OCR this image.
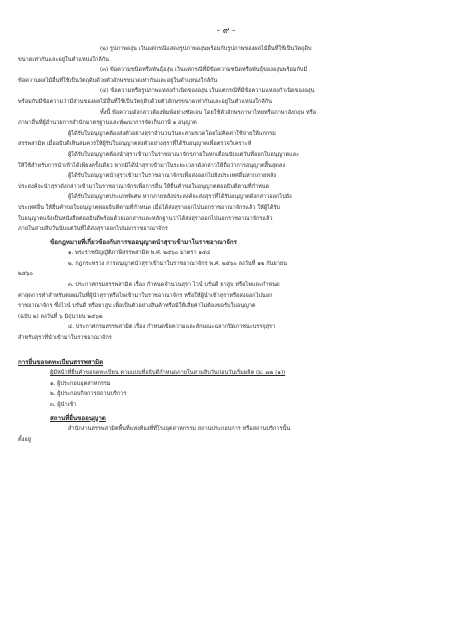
- ๙ -

(๒) รูปภาพองุ่น เว้นแต่กรณีแสดงรูปภาพองุ่นพร้อมกับรูปภาพของผลไม้อื่นที่ใช้เป็นวัตถุดิบ

ขนาดเท่ากันและอยู่ในตำแหน่งใกล้กัน

(๓) ข้อความชนิดหรือพันธุ์องุ่น เว้นแต่กรณีที่มีข้อความชนิดหรือพันธุ์ขององุ่นพร้อมกับมี

ข้อความผลไม้อื่นที่ใช้เป็นวัตถุดิบด้วยตัวอักษรขนาดเท่ากันและอยู่ในตำแหน่งใกล้กัน

(๔) ข้อความหรือรูปภาพแหล่งกำเนิดขององุ่น เว้นแต่กรณีที่มีข้อความแหล่งกำเนิดขององุ่น

พร้อมกับมีข้อความว่ามีส่วนของผลไม้อื่นที่ใช้เป็นวัตถุดิบด้วยตัวอักษรขนาดเท่ากันและอยู่ในตำแหน่งใกล้กัน

ทั้งนี้ ข้อความดังกล่าวต้องพิมพ์อย่างชัดเจน โดยใช้ตัวอักษรภาษาไทยหรือภาษาอังกฤษ หรือ

ภาษาอื่นที่ผู้อำนวยการสำนักมาตรฐานและพัฒนาการจัดเก็บภาษี ๑ อนุญาต

ผู้ได้รับใบอนุญาตต้องส่งตัวอย่างสุราจำนวนวันละสามขวดโดยไม่คิดค่าใช้จ่ายให้แก่กรม

สรรพสามิต เมื่ออธิบดีเห็นสมควรให้ผู้รับใบอนุญาตส่งตัวอย่างสุราที่ได้รับอนุญาตเพื่อตรวจวิเคราะห์

ผู้ได้รับใบอนุญาตต้องนำสุราเข้ามาในราชอาณาจักรภายในหกเดือนนับแต่วันที่ออกใบอนุญาตและ

ให้ใช้สำหรับการนำเข้าได้เพียงครั้งเดียว หากมิได้นำสุราเข้ามาในระยะเวลาดังกล่าวให้ถือว่าการอนุญาตสิ้นสุดลง

ผู้ได้รับใบอนุญาตนำสุราเข้ามาในราชอาณาจักรเพื่อส่งออกไปยังประเทศอื่นหากภายหลัง

ประสงค์จะนำสุราดังกล่าวเข้ามาในราชอาณาจักรเพื่อการอื่น ให้ยื่นคำขอใบอนุญาตต่ออธิบดีตามที่กำหนด

ผู้ได้รับใบอนุญาตประเภทพิเศษ หากภายหลังประสงค์จะส่งสุราที่ได้รับอนุญาตดังกล่าวออกไปยัง

ประเทศอื่น ให้ยื่นคำขอใบอนุญาตต่ออธิบดีตามที่กำหนด เมื่อได้ส่งสุราออกไปนอกราชอาณาจักรแล้ว ให้ผู้ได้รับ

ใบอนุญาตแจ้งเป็นหนังสือต่ออธิบดีพร้อมด้วยเอกสารและหลักฐานว่าได้ส่งสุราออกไปนอกราชอาณาจักรแล้ว

ภายในสามสิบวันนับแต่วันที่ได้ส่งสุราออกไปนอกราชอาณาจักร

ข้อกฎหมายที่เกี่ยวข้องกับการขออนุญาตนำสุราเข้ามาในราชอาณาจักร

๑. พระราชบัญญัติภาษีสรรพสามิต พ.ศ. ๒๕๖๐ มาตรา ๑๕๔

๒. กฎกระทรวง การอนุญาตนำสุราเข้ามาในราชอาณาจักร พ.ศ. ๒๕๖๐ ลงวันที่ ๑๒ กันยายน

๒๕๖๐

๓. ประกาศกรมสรรพสามิต เรื่อง กำหนดจำนวนสุรา ไวน์ บรั่นดี ยาสูบ หรือไพ่และกำหนด

ค่าสุดการทำสำหรับต่อผมในที่ผู้นำสุราหรือไพ่เข้ามาในราชอาณาจักร หรือให้ผู้นำเข้าสุราหรือส่งออกไปนอก

ราชอาณาจักร ซึ่งไวน์ บรั่นดี หรือยาสูบ เพื่อเป็นตัวอย่างสินค้าหรือมิให้เสียค่าไม่ต้องขอรับใบอนุญาต

(ฉบับ ๒) ลงวันที่ ๖ มิถุนายน ๒๕๖๒

๔. ประกาศกรมสรรพสามิต เรื่อง กำหนดข้อความและลักษณะฉลากปิดภาชนะบรรจุสุรา

สำหรับสุราที่นำเข้ามาในราชอาณาจักร

การยื่นขอจดทะเบียนสรรพสามิต

ผู้มีหน้าที่ยื่นคำขอจดทะเบียน ตามแบบที่อธิบดีกำหนดภายในสามสิบวันก่อนวันเริ่มผลิต (ม. ๗๒ (๑))

๑. ผู้ประกอบอุตสาหกรรม

๒. ผู้ประกอบกิจการสถานบริการ

๓. ผู้นำเข้า

สถานที่ยื่นขออนุญาต

สำนักงานสรรพสามิตพื้นที่แห่งท้องที่ที่โรงอุตสาหกรรม สถานประกอบการ หรือสถานบริการนั้น

ตั้งอยู่
